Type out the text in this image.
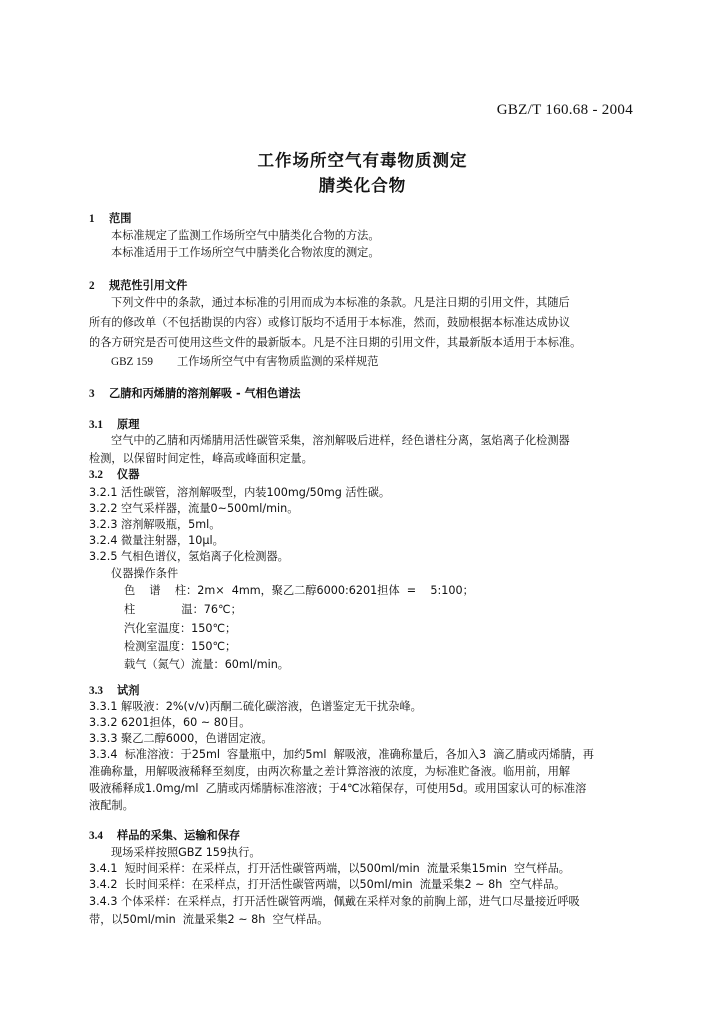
GBZ/T 160.68 - 2004
工作场所空气有毒物质测定
腈类化合物
1 范围
本标准规定了监测工作场所空气中腈类化合物的方法。
本标准适用于工作场所空气中腈类化合物浓度的测定。
2 规范性引用文件
下列文件中的条款，通过本标准的引用而成为本标准的条款。凡是注日期的引用文件，其随后
所有的修改单（不包括勘误的内容）或修订版均不适用于本标准，然而，鼓励根据本标准达成协议
的各方研究是否可使用这些文件的最新版本。凡是不注日期的引用文件，其最新版本适用于本标准。
GBZ 159 工作场所空气中有害物质监测的采样规范
3 乙腈和丙烯腈的溶剂解吸 - 气相色谱法
3.1 原理
空气中的乙腈和丙烯腈用活性碳管采集，溶剂解吸后进样，经色谱柱分离，氢焰离子化检测器
检测，以保留时间定性，峰高或峰面积定量。
3.2 仪器
3.2.1 活性碳管，溶剂解吸型，内装100mg/50mg 活性碳。
3.2.2 空气采样器，流量0~500ml/min。
3.2.3 溶剂解吸瓶，5ml。
3.2.4 微量注射器，10μl。
3.2.5 气相色谱仪，氢焰离子化检测器。
仪器操作条件
色    谱    柱：2m×  4mm，聚乙二醇6000:6201担体  =    5:100；
柱             温：76℃；
汽化室温度：150℃；
检测室温度：150℃；
载气（氮气）流量：60ml/min。
3.3 试剂
3.3.1 解吸液：2%(v/v)丙酮二硫化碳溶液，色谱鉴定无干扰杂峰。
3.3.2 6201担体，60 ~ 80目。
3.3.3 聚乙二醇6000，色谱固定液。
3.3.4  标准溶液：于25ml  容量瓶中，加约5ml  解吸液，准确称量后，各加入3  滴乙腈或丙烯腈，再
准确称量，用解吸液稀释至刻度，由两次称量之差计算溶液的浓度，为标准贮备液。临用前，用解
吸液稀释成1.0mg/ml  乙腈或丙烯腈标准溶液；于4℃冰箱保存，可使用5d。或用国家认可的标准溶
液配制。
3.4 样品的采集、运输和保存
现场采样按照GBZ 159执行。
3.4.1  短时间采样：在采样点，打开活性碳管两端，以500ml/min  流量采集15min  空气样品。
3.4.2  长时间采样：在采样点，打开活性碳管两端，以50ml/min  流量采集2 ~ 8h  空气样品。
3.4.3 个体采样：在采样点，打开活性碳管两端，佩戴在采样对象的前胸上部，进气口尽量接近呼吸
带，以50ml/min  流量采集2 ~ 8h  空气样品。
